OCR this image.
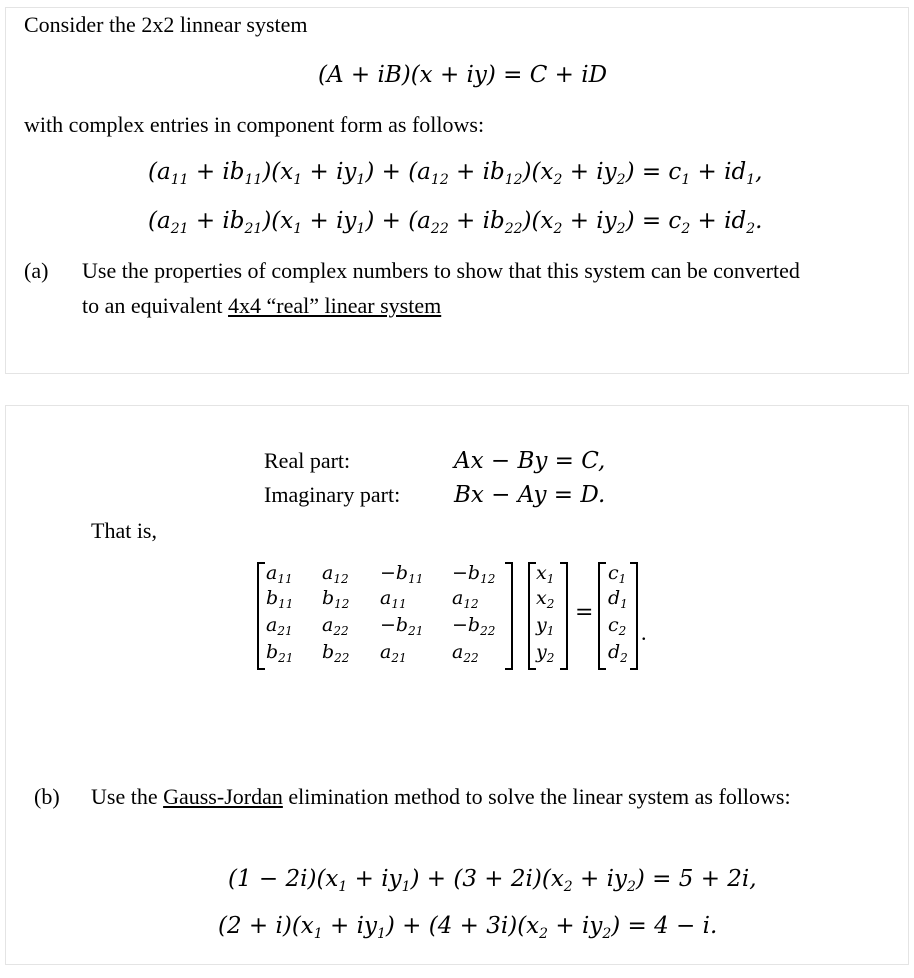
Consider the 2x2 linnear system
(A + iB)(x + iy) = C + iD
with complex entries in component form as follows:
$(a_{11} + ib_{11})(x_1 + iy_1) + (a_{12} + ib_{12})(x_2 + iy_2) = c_1 + id_1$,
$(a_{21} + ib_{21})(x_1 + iy_1) + (a_{22} + ib_{22})(x_2 + iy_2) = c_2 + id_2$.
(a) Use the properties of complex numbers to show that this system can be converted
to an equivalent 4x4 “real” linear system
Real part:	Ax − By = C,
Imaginary part: Bx − Ay = D.
That is,
$a_{11}$ $a_{12} -b_{11} -b_{12}$
$b_{11}$ $b_{12}$ $a_{11}$ $a_{12}$
$a_{21}$ $a_{22} -b_{21} -b_{22}$
$b_{21}$ $b_{22}$ $a_{21}$ $a_{22}$
$x_1$
$x_2$
$y_1$
$y_2$
=
$c_1$
$d_1$
$c_2$
$d_2$
.
(b) Use the Gauss-Jordan elimination method to solve the linear system as follows:
$(1 - 2i)(x_1 + iy_1) + (3 + 2i)(x_2 + iy_2) = 5 + 2i$,
$(2 + i)(x_1 + iy_1) + (4 + 3i)(x_2 + iy_2) = 4 - i$.
